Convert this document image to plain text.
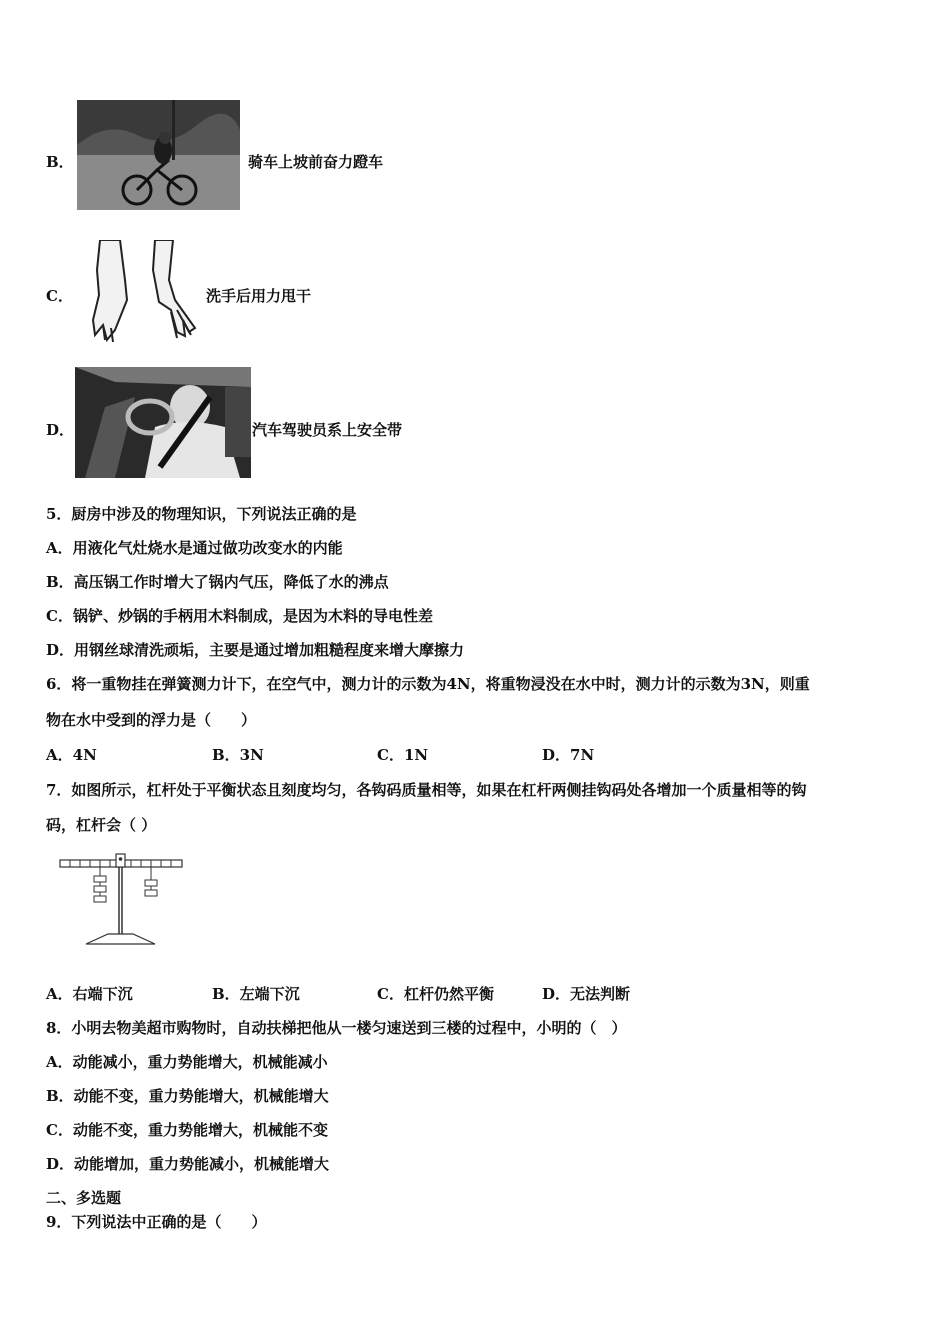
B．	骑车上坡前奋力蹬车
C．	洗手后用力甩干
D．	汽车驾驶员系上安全带
5．厨房中涉及的物理知识，下列说法正确的是
A．用液化气灶烧水是通过做功改变水的内能
B．高压锅工作时增大了锅内气压，降低了水的沸点
C．锅铲、炒锅的手柄用木料制成，是因为木料的导电性差
D．用钢丝球清洗顽垢，主要是通过增加粗糙程度来增大摩擦力
6．将一重物挂在弹簧测力计下，在空气中，测力计的示数为4N，将重物浸没在水中时，测力计的示数为3N，则重
物在水中受到的浮力是（　　）
A．4N	B．3N	C．1N	D．7N
7．如图所示，杠杆处于平衡状态且刻度均匀，各钩码质量相等，如果在杠杆两侧挂钩码处各增加一个质量相等的钩
码，杠杆会（ ）
A．右端下沉	B．左端下沉	C．杠杆仍然平衡	D．无法判断
8．小明去物美超市购物时，自动扶梯把他从一楼匀速送到三楼的过程中，小明的（　）
A．动能减小，重力势能增大，机械能减小
B．动能不变，重力势能增大，机械能增大
C．动能不变，重力势能增大，机械能不变
D．动能增加，重力势能减小，机械能增大
二、多选题
9．下列说法中正确的是（　　）
